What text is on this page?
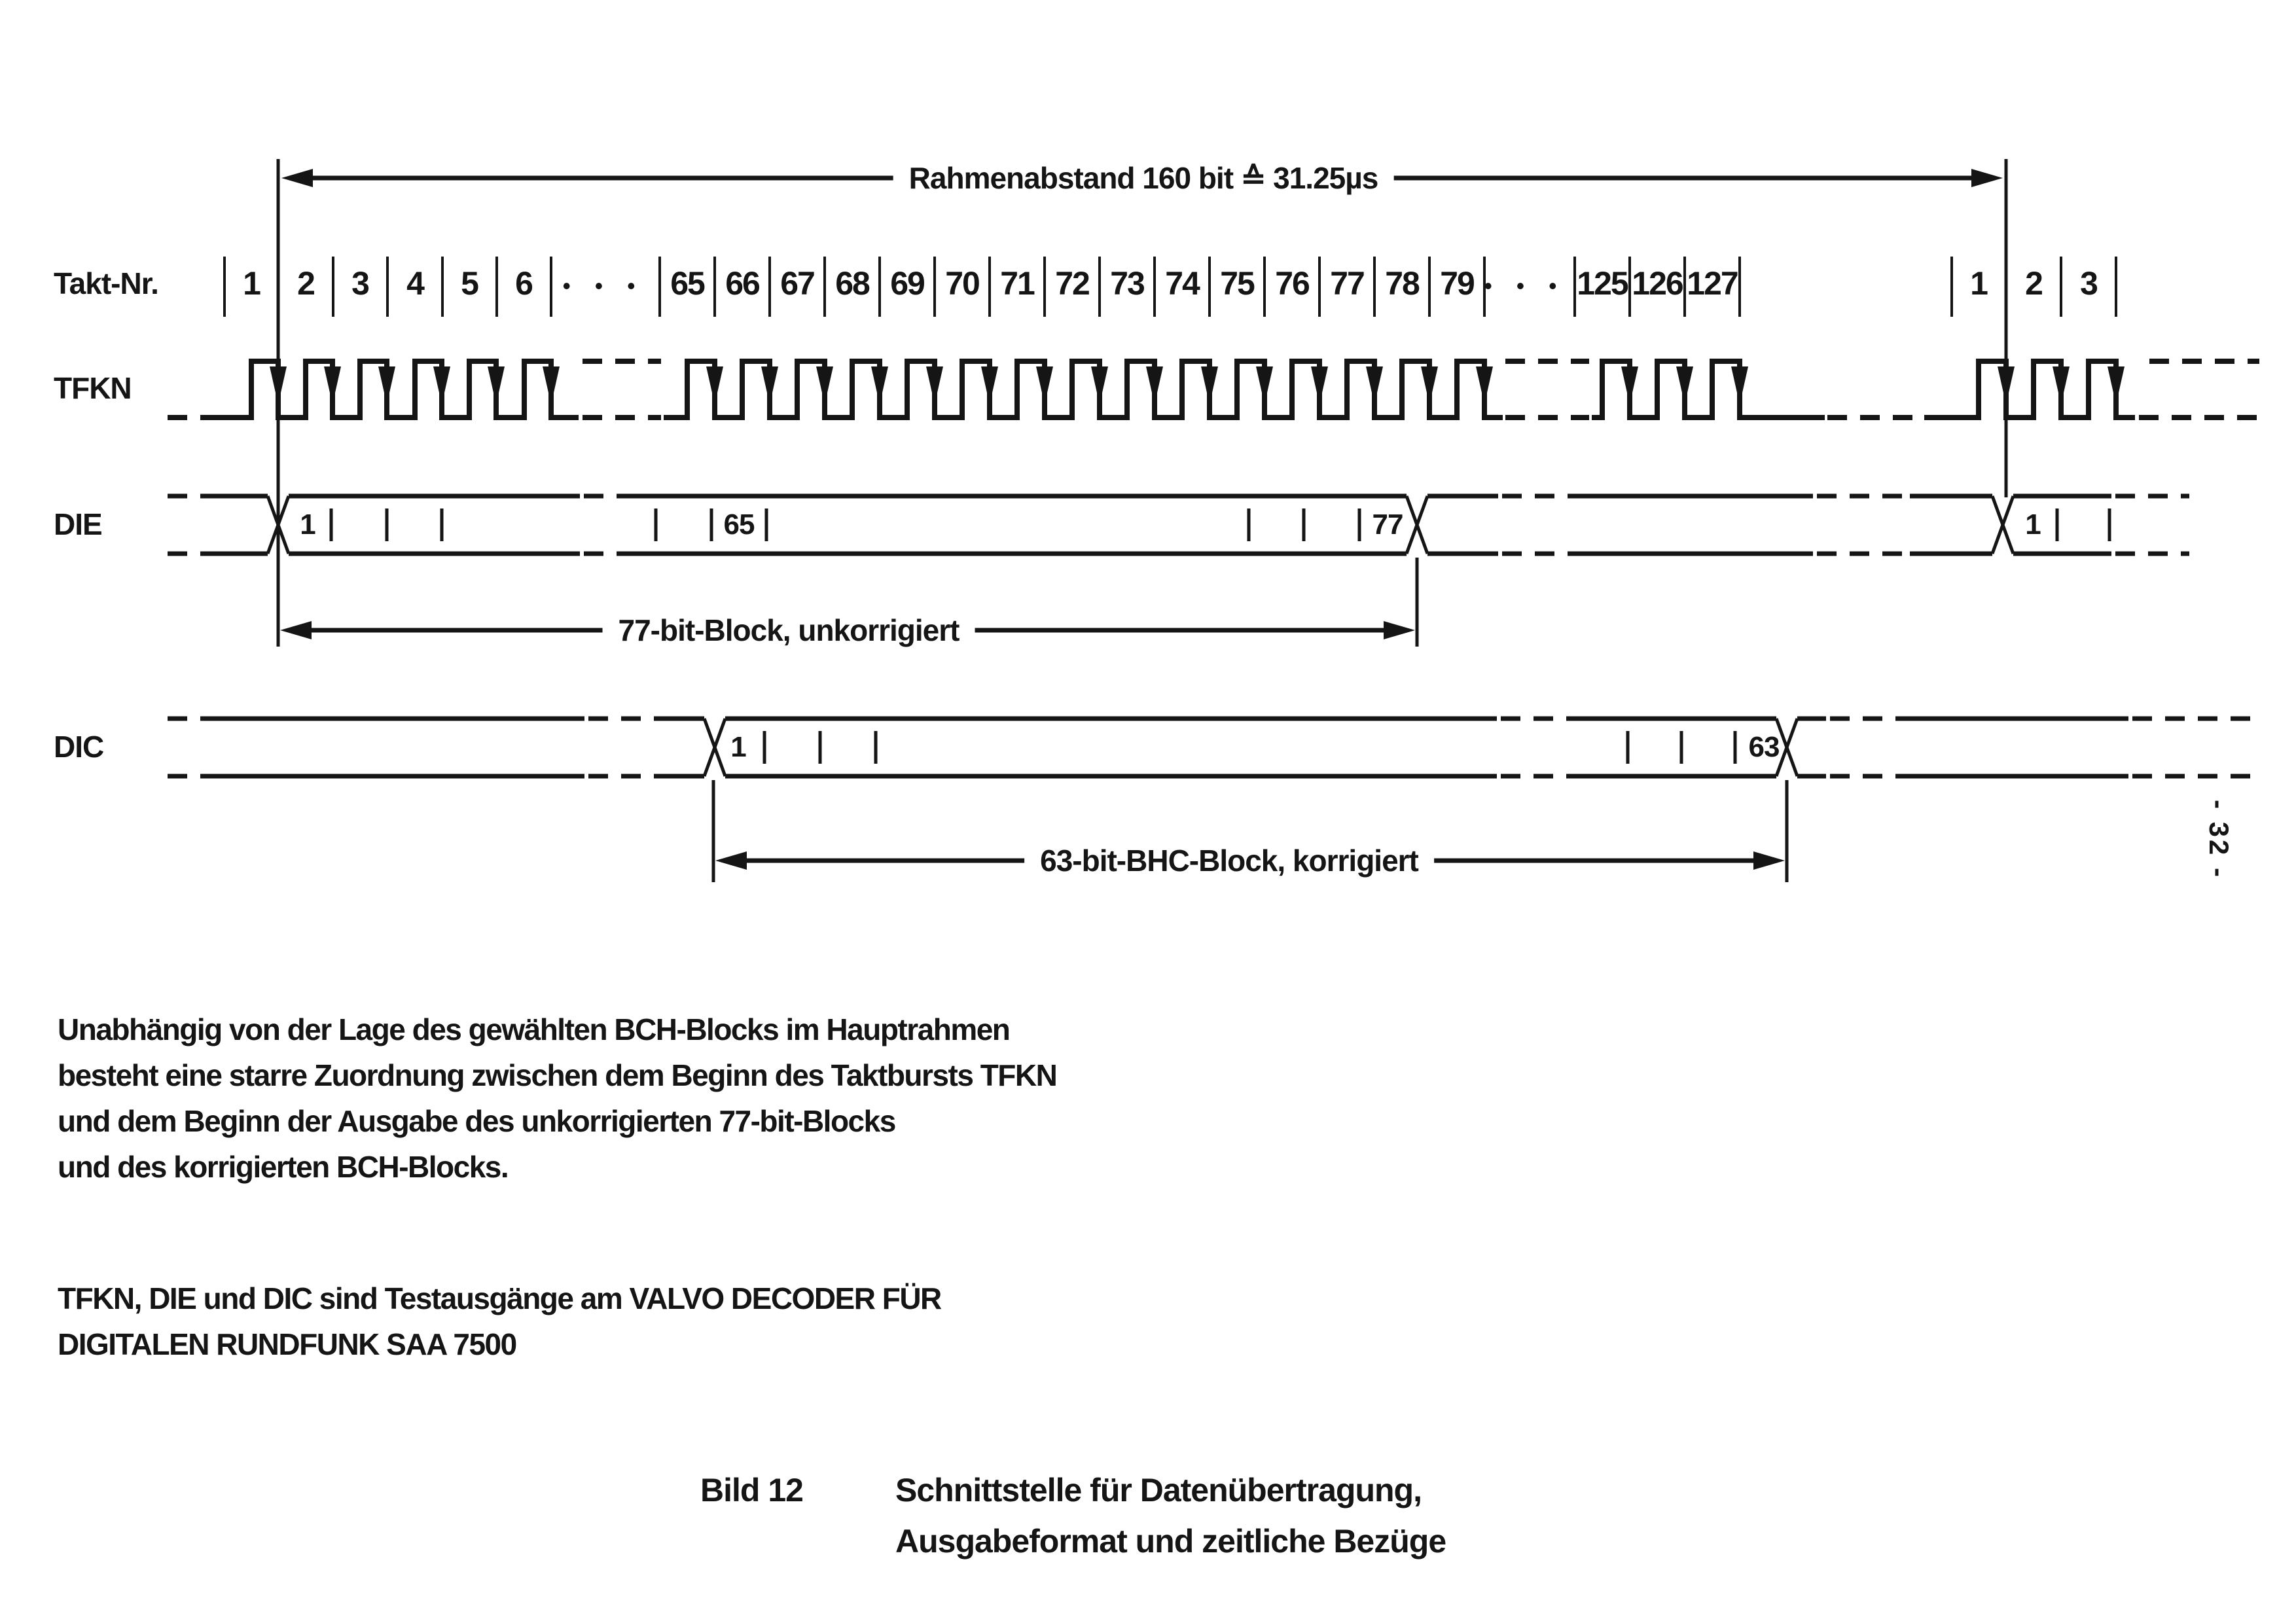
Takt-Nr.
TFKN
DIE
DIC
Rahmenabstand 160 bit ≙ 31.25µs
77-bit-Block, unkorrigiert
63-bit-BHC-Block, korrigiert
1 2 3 4 5 6	65 66 67 68 69 70 71 72 73 74 75 76 77 78 79	125 126 127	1 2 3
• • •	• • •
1	65	77	1
1	63
Unabhängig von der Lage des gewählten BCH-Blocks im Hauptrahmen
besteht eine starre Zuordnung zwischen dem Beginn des Taktbursts TFKN
und dem Beginn der Ausgabe des unkorrigierten 77-bit-Blocks
und des korrigierten BCH-Blocks.
TFKN, DIE und DIC sind Testausgänge am VALVO DECODER FÜR
DIGITALEN RUNDFUNK SAA 7500
Bild 12	Schnittstelle für Datenübertragung,
Ausgabeformat und zeitliche Bezüge
- 32 -
